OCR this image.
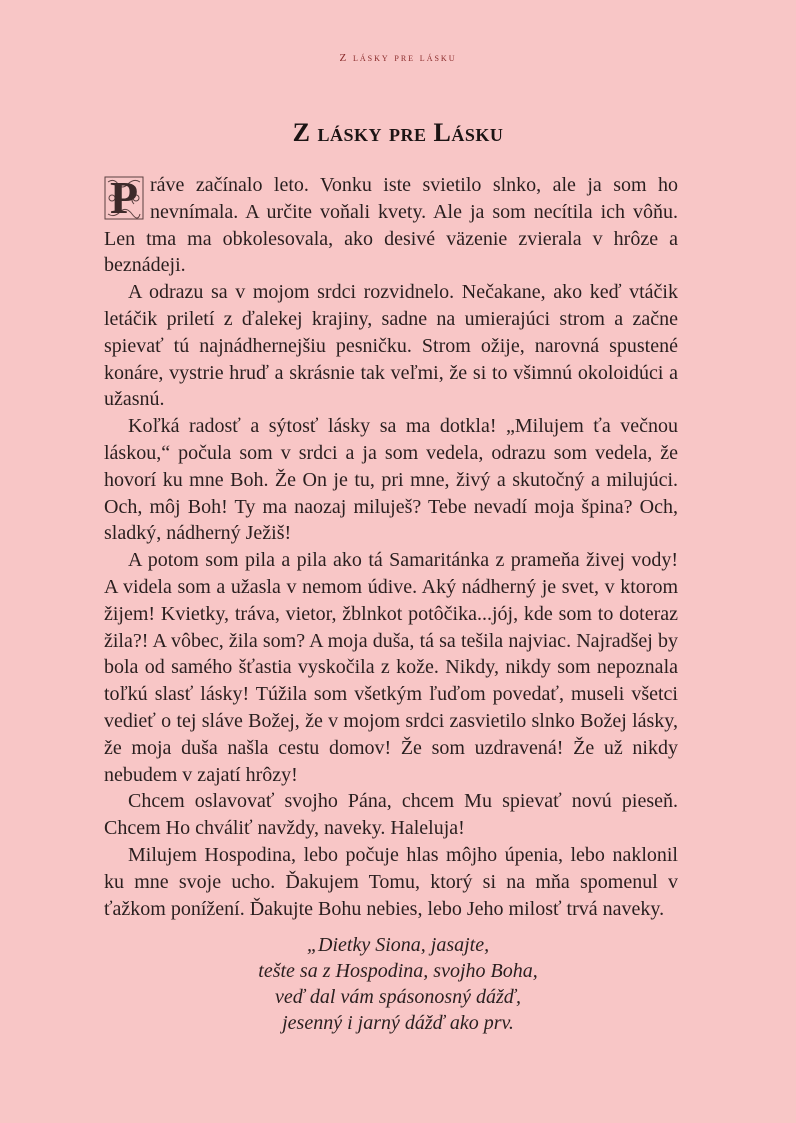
Z lásky pre lásku
Z lásky pre Lásku

P ráve začínalo leto. Vonku iste svietilo slnko, ale ja som ho nevnímala. A určite voňali kvety. Ale ja som necítila ich vôňu. Len tma ma obkolesovala, ako desivé väzenie zvierala v hrôze a beznádeji.

A odrazu sa v mojom srdci rozvidnelo. Nečakane, ako keď vtáčik letáčik priletí z ďalekej krajiny, sadne na umierajúci strom a začne spievať tú najnádhernejšiu pesničku. Strom ožije, narovná spustené konáre, vystrie hruď a skrásnie tak veľmi, že si to všimnú okoloidúci a užasnú.

Koľká radosť a sýtosť lásky sa ma dotkla! „Milujem ťa večnou láskou,“ počula som v srdci a ja som vedela, odrazu som vedela, že hovorí ku mne Boh. Že On je tu, pri mne, živý a skutočný a milujúci. Och, môj Boh! Ty ma naozaj miluješ? Tebe nevadí moja špina? Och, sladký, nádherný Ježiš!

A potom som pila a pila ako tá Samaritánka z prameňa živej vody! A videla som a užasla v nemom údive. Aký nádherný je svet, v ktorom žijem! Kvietky, tráva, vietor, žblnkot potôčika...jój, kde som to doteraz žila?! A vôbec, žila som? A moja duša, tá sa tešila najviac. Najradšej by bola od samého šťastia vyskočila z kože. Nikdy, nikdy som nepoznala toľkú slasť lásky! Túžila som všetkým ľuďom povedať, museli všetci vedieť o tej sláve Božej, že v mojom srdci zasvietilo slnko Božej lásky, že moja duša našla cestu domov! Že som uzdravená! Že už nikdy nebudem v zajatí hrôzy!

Chcem oslavovať svojho Pána, chcem Mu spievať novú pieseň. Chcem Ho chváliť navždy, naveky. Haleluja!

Milujem Hospodina, lebo počuje hlas môjho úpenia, lebo naklonil ku mne svoje ucho. Ďakujem Tomu, ktorý si na mňa spomenul v ťažkom ponížení. Ďakujte Bohu nebies, lebo Jeho milosť trvá naveky.

„Dietky Siona, jasajte,
tešte sa z Hospodina, svojho Boha,
veď dal vám spásonosný dážď,
jesenný i jarný dážď ako prv.
